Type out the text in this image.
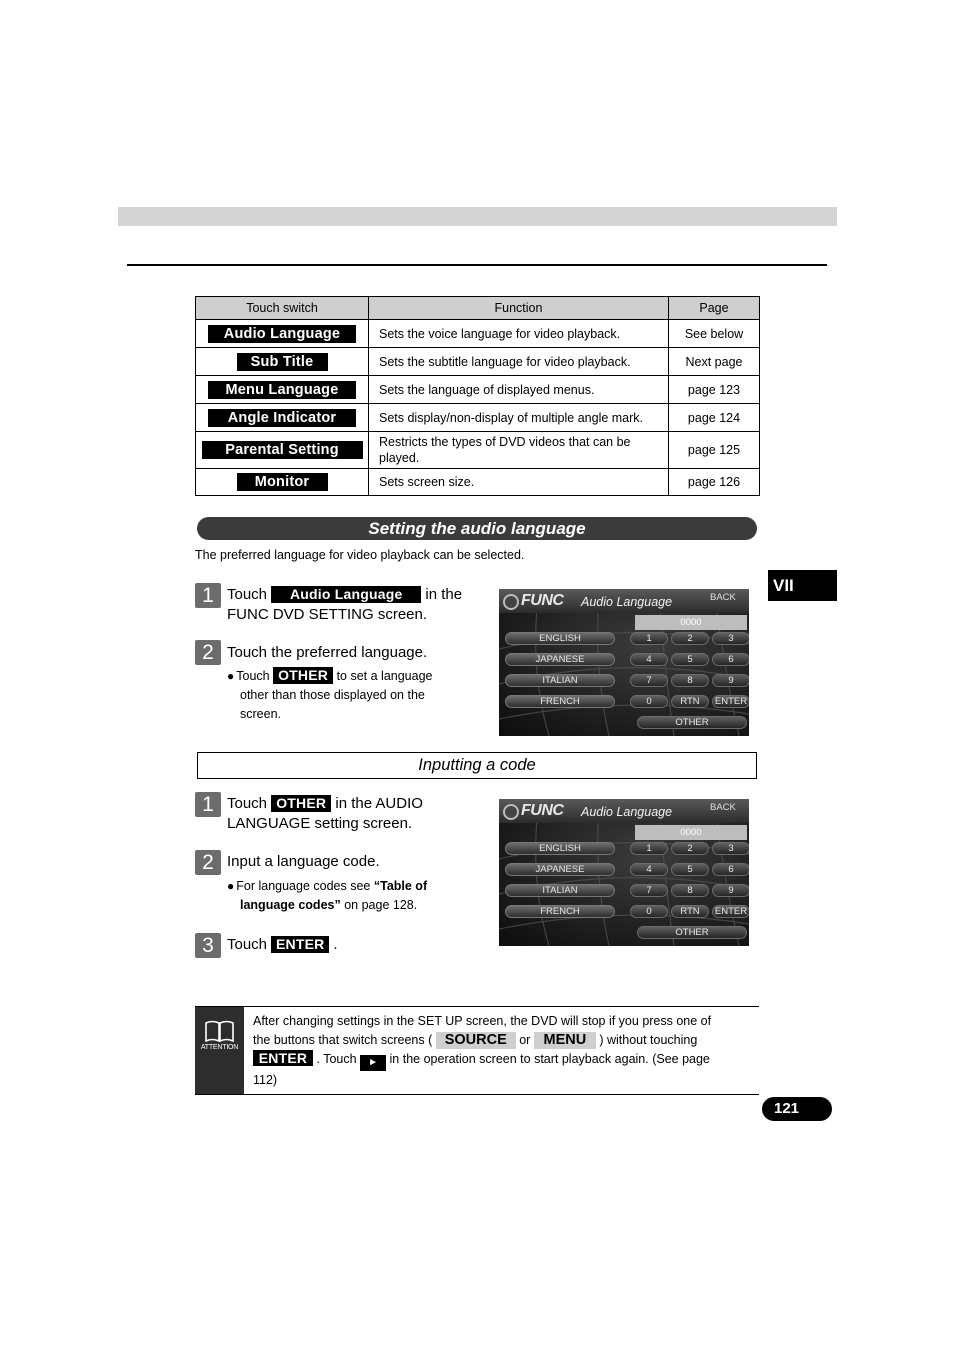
Touch switch	Function	Page
Audio Language	Sets the voice language for video playback.	See below
Sub Title	Sets the subtitle language for video playback.	Next page
Menu Language	Sets the language of displayed menus.	page 123
Angle Indicator	Sets display/non-display of multiple angle mark.	page 124
Parental Setting	Restricts the types of DVD videos that can be played.	page 125
Monitor	Sets screen size.	page 126
Setting the audio language
The preferred language for video playback can be selected.
1 Touch Audio Language in the
FUNC DVD SETTING screen.
2 Touch the preferred language.
● Touch OTHER to set a language
other than those displayed on the
screen.
VII
FUNC Audio Language	BACK
0000
ENGLISH
JAPANESE
ITALIAN
FRENCH
1	2	3
4	5	6
7	8	9
0	RTN	ENTER
OTHER
Inputting a code
1 Touch OTHER in the AUDIO
LANGUAGE setting screen.
2 Input a language code.
● For language codes see “Table of
language codes” on page 128.
3 Touch ENTER .
FUNC Audio Language	BACK
0000
ENGLISH
JAPANESE
ITALIAN
FRENCH
1	2	3
4	5	6
7	8	9
0	RTN	ENTER
OTHER
ATTENTION
After changing settings in the SET UP screen, the DVD will stop if you press one of
the buttons that switch screens ( SOURCE or MENU ) without touching
ENTER . Touch ► in the operation screen to start playback again. (See page
112)
121
